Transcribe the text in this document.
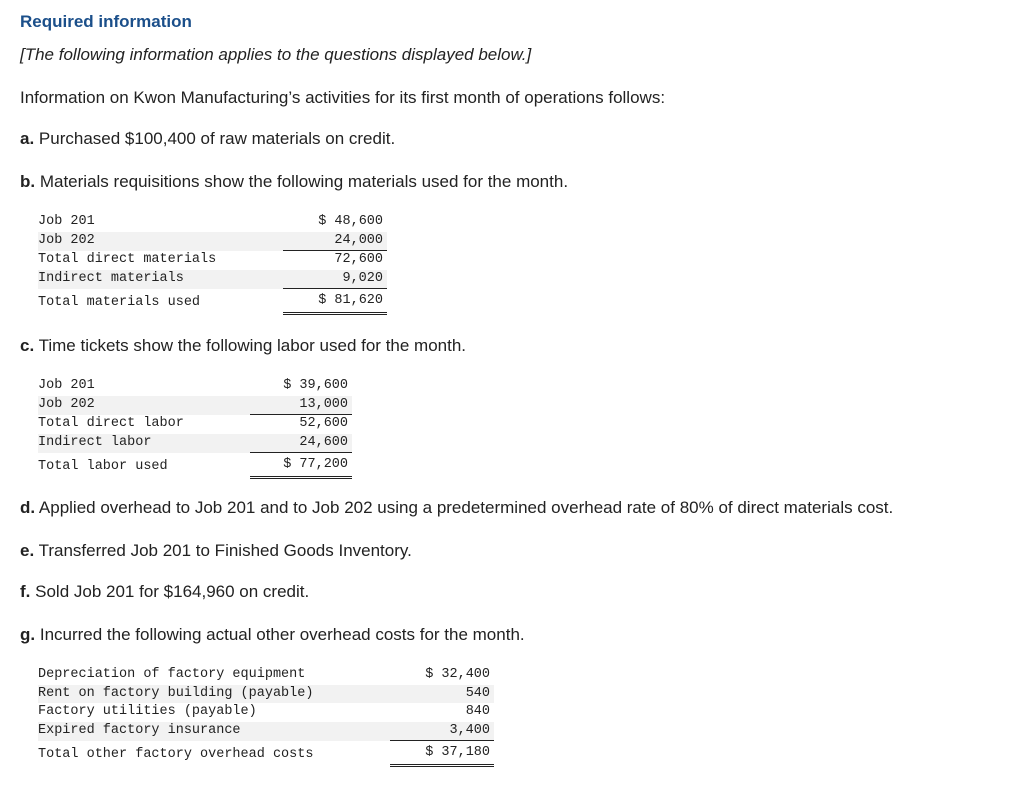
Required information
[The following information applies to the questions displayed below.]
Information on Kwon Manufacturing’s activities for its first month of operations follows:
a. Purchased $100,400 of raw materials on credit.
b. Materials requisitions show the following materials used for the month.
Job 201	$ 48,600
Job 202	24,000
Total direct materials	72,600
Indirect materials	9,020
Total materials used	$ 81,620
c. Time tickets show the following labor used for the month.
Job 201	$ 39,600
Job 202	13,000
Total direct labor	52,600
Indirect labor	24,600
Total labor used	$ 77,200
d. Applied overhead to Job 201 and to Job 202 using a predetermined overhead rate of 80% of direct materials cost.
e. Transferred Job 201 to Finished Goods Inventory.
f. Sold Job 201 for $164,960 on credit.
g. Incurred the following actual other overhead costs for the month.
Depreciation of factory equipment	$ 32,400
Rent on factory building (payable)	540
Factory utilities (payable)	840
Expired factory insurance	3,400
Total other factory overhead costs	$ 37,180
